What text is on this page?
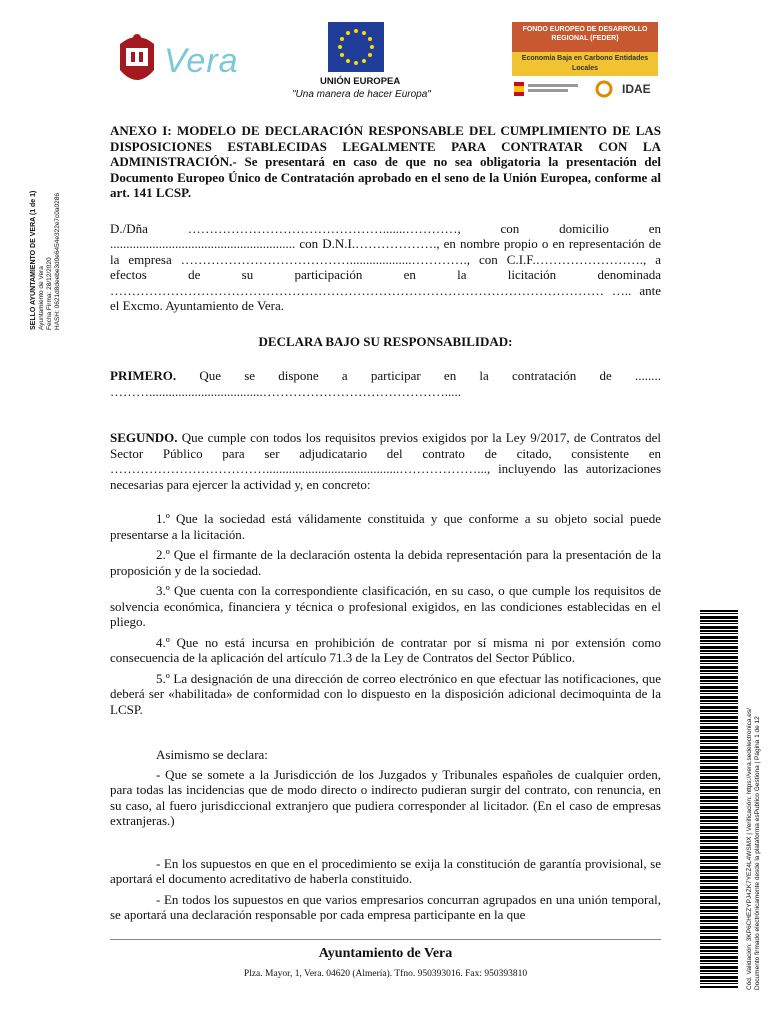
Vera
UNIÓN EUROPEA
"Una manera de hacer Europa"
FONDO EUROPEO DE DESARROLLO REGIONAL (FEDER)
Economía Baja en Carbono Entidades Locales
IDAE
SELLO AYUNTAMIENTO DE VERA (1 de 1)
Ayuntamiento de Vera
Fecha Firma: 28/12/2020
HASH: 0621d8deebe3d0e6454e322e7c0a0286
Cód. Validación: 3KP6CHEZYPJ4ZK7YEZ4L4WSMX | Verificación: https://vera.sedelectronica.es/
Documento firmado electrónicamente desde la plataforma esPublico Gestiona | Página 1 de 12

ANEXO I: MODELO DE DECLARACIÓN RESPONSABLE DEL CUMPLIMIENTO DE LAS DISPOSICIONES ESTABLECIDAS LEGALMENTE PARA CONTRATAR CON LA ADMINISTRACIÓN.- Se presentará en caso de que no sea obligatoria la presentación del Documento Europeo Único de Contratación aprobado en el seno de la Unión Europea, conforme al art. 141 LCSP.

D./Dña ……………………………………….......…………, con domicilio en ......................................................... con D.N.I.………………., en nombre propio o en representación de la empresa …………………………………...................…………., con C.I.F.……………………., a efectos de su participación en la licitación denominada …………………………………………………………………………………………………… ….. ante el Excmo. Ayuntamiento de Vera.

DECLARA BAJO SU RESPONSABILIDAD:

PRIMERO. Que se dispone a participar en la contratación de ........ ………...................................…………………………………….....

SEGUNDO. Que cumple con todos los requisitos previos exigidos por la Ley 9/2017, de Contratos del Sector Público para ser adjudicatario del contrato de citado, consistente en ……………………………….........................................………………..., incluyendo las autorizaciones necesarias para ejercer la actividad y, en concreto:

1.º Que la sociedad está válidamente constituida y que conforme a su objeto social puede presentarse a la licitación.

2.º Que el firmante de la declaración ostenta la debida representación para la presentación de la proposición y de la sociedad.

3.º Que cuenta con la correspondiente clasificación, en su caso, o que cumple los requisitos de solvencia económica, financiera y técnica o profesional exigidos, en las condiciones establecidas en el pliego.

4.º Que no está incursa en prohibición de contratar por sí misma ni por extensión como consecuencia de la aplicación del artículo 71.3 de la Ley de Contratos del Sector Público.

5.º La designación de una dirección de correo electrónico en que efectuar las notificaciones, que deberá ser «habilitada» de conformidad con lo dispuesto en la disposición adicional decimoquinta de la LCSP.

Asimismo se declara:

- Que se somete a la Jurisdicción de los Juzgados y Tribunales españoles de cualquier orden, para todas las incidencias que de modo directo o indirecto pudieran surgir del contrato, con renuncia, en su caso, al fuero jurisdiccional extranjero que pudiera corresponder al licitador. (En el caso de empresas extranjeras.)

- En los supuestos en que en el procedimiento se exija la constitución de garantía provisional, se aportará el documento acreditativo de haberla constituido.

- En todos los supuestos en que varios empresarios concurran agrupados en una unión temporal, se aportará una declaración responsable por cada empresa participante en la que

Ayuntamiento de Vera
Plza. Mayor, 1, Vera. 04620 (Almería). Tfno. 950393016. Fax: 950393810
